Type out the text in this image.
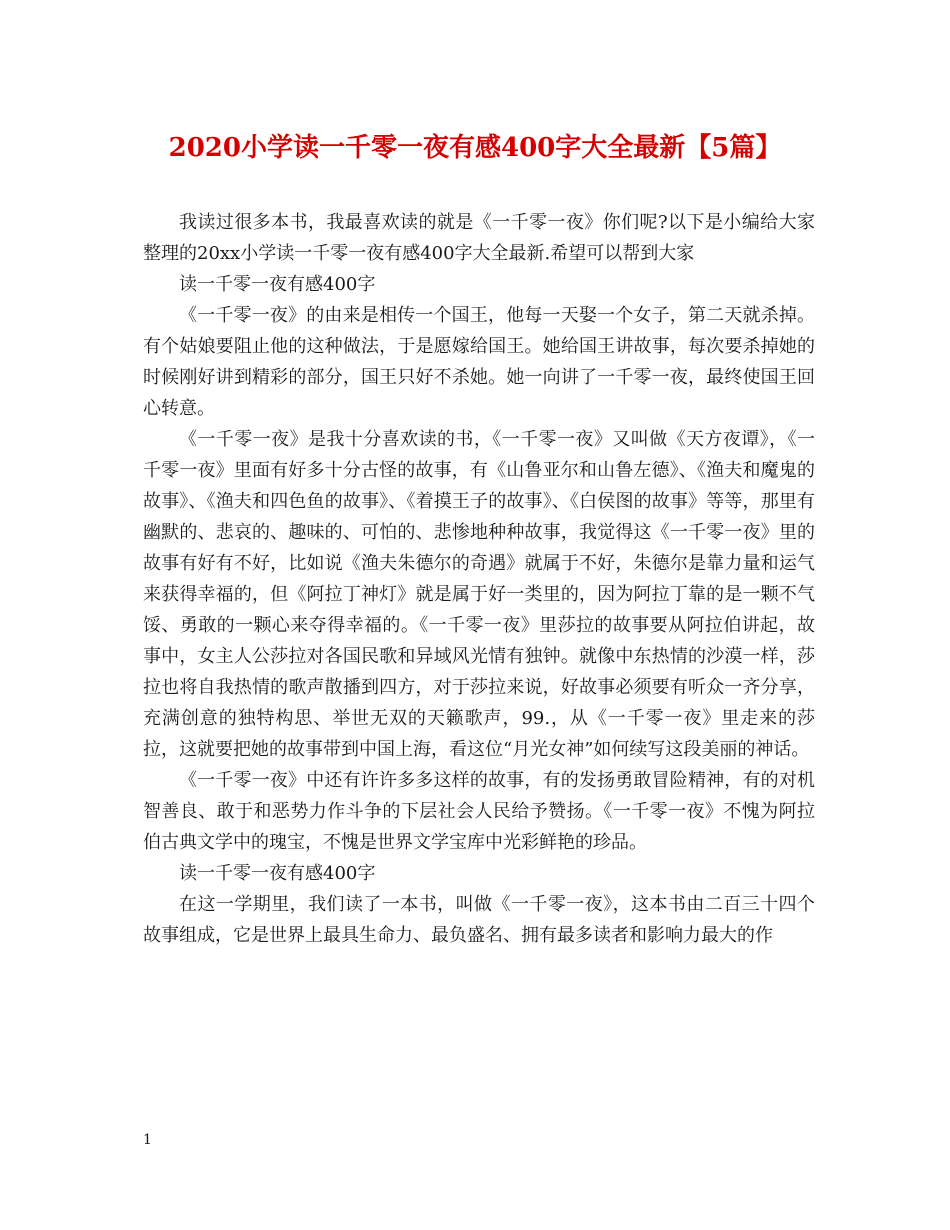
2020小学读一千零一夜有感400字大全最新【5篇】

我读过很多本书，我最喜欢读的就是《一千零一夜》你们呢?以下是小编给大家整理的20xx小学读一千零一夜有感400字大全最新.希望可以帮到大家

读一千零一夜有感400字

《一千零一夜》的由来是相传一个国王，他每一天娶一个女子，第二天就杀掉。有个姑娘要阻止他的这种做法，于是愿嫁给国王。她给国王讲故事，每次要杀掉她的时候刚好讲到精彩的部分，国王只好不杀她。她一向讲了一千零一夜，最终使国王回心转意。

《一千零一夜》是我十分喜欢读的书，《一千零一夜》又叫做《天方夜谭》，《一千零一夜》里面有好多十分古怪的故事，有《山鲁亚尔和山鲁左德》、《渔夫和魔鬼的故事》、《渔夫和四色鱼的故事》、《着摸王子的故事》、《白侯图的故事》等等，那里有幽默的、悲哀的、趣味的、可怕的、悲惨地种种故事，我觉得这《一千零一夜》里的故事有好有不好，比如说《渔夫朱德尔的奇遇》就属于不好，朱德尔是靠力量和运气来获得幸福的，但《阿拉丁神灯》就是属于好一类里的，因为阿拉丁靠的是一颗不气馁、勇敢的一颗心来夺得幸福的。《一千零一夜》里莎拉的故事要从阿拉伯讲起，故事中，女主人公莎拉对各国民歌和异域风光情有独钟。就像中东热情的沙漠一样，莎拉也将自我热情的歌声散播到四方，对于莎拉来说，好故事必须要有听众一齐分享，充满创意的独特构思、举世无双的天籁歌声，99.，从《一千零一夜》里走来的莎拉，这就要把她的故事带到中国上海，看这位“月光女神”如何续写这段美丽的神话。

《一千零一夜》中还有许许多多这样的故事，有的发扬勇敢冒险精神，有的对机智善良、敢于和恶势力作斗争的下层社会人民给予赞扬。《一千零一夜》不愧为阿拉伯古典文学中的瑰宝，不愧是世界文学宝库中光彩鲜艳的珍品。

读一千零一夜有感400字

在这一学期里，我们读了一本书，叫做《一千零一夜》，这本书由二百三十四个故事组成，它是世界上最具生命力、最负盛名、拥有最多读者和影响力最大的作

1
